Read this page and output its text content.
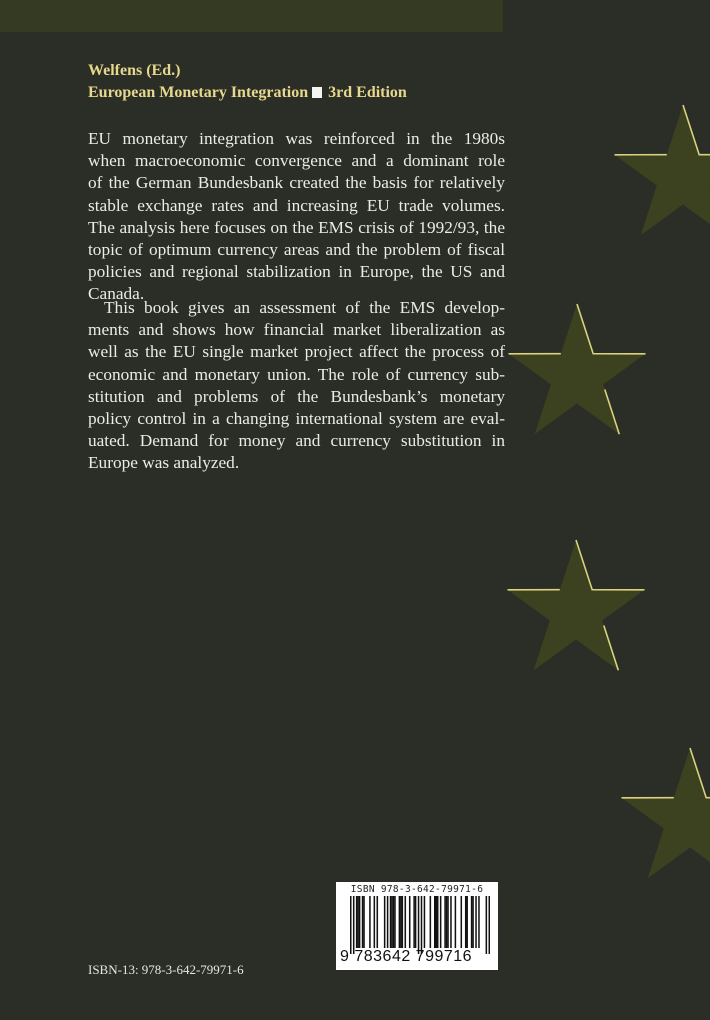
Welfens (Ed.)
European Monetary Integration 3rd Edition
EU monetary integration was reinforced in the 1980s
when macroeconomic convergence and a dominant role
of the German Bundesbank created the basis for relatively
stable exchange rates and increasing EU trade volumes.
The analysis here focuses on the EMS crisis of 1992/93, the
topic of optimum currency areas and the problem of fiscal
policies and regional stabilization in Europe, the US and
Canada.
This book gives an assessment of the EMS develop-
ments and shows how financial market liberalization as
well as the EU single market project affect the process of
economic and monetary union. The role of currency sub-
stitution and problems of the Bundesbank’s monetary
policy control in a changing international system are eval-
uated. Demand for money and currency substitution in
Europe was analyzed.
ISBN 978-3-642-79971-6
9 783642 799716
ISBN-13: 978-3-642-79971-6
